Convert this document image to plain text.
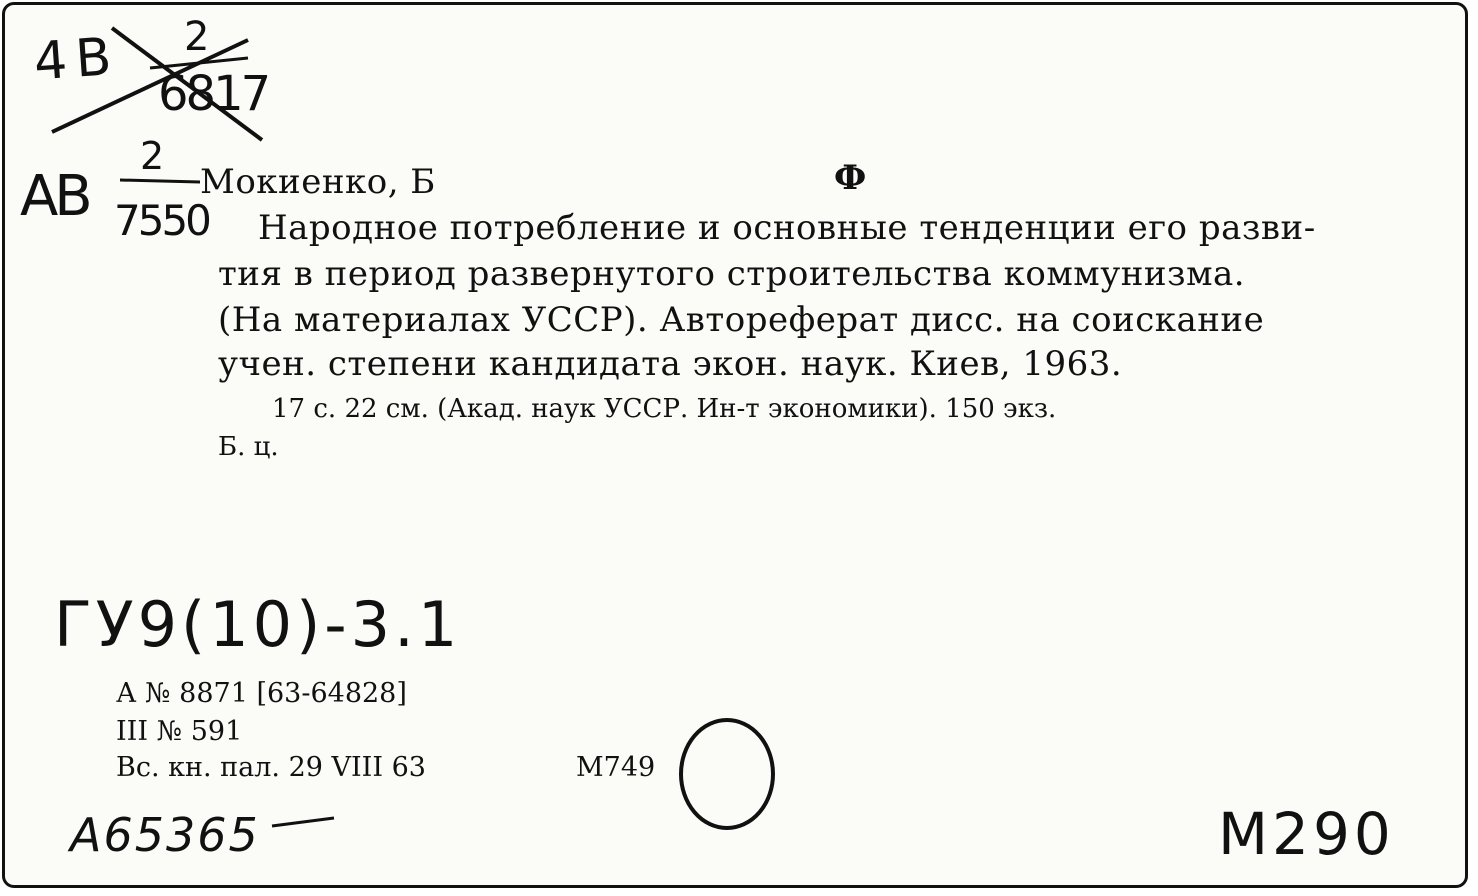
4 B 2
6817
2
AB 7550
Мокиенко, Б	Ф
Народное потребление и основные тенденции его разви-
тия в период развернутого строительства коммунизма.
(На материалах УССР). Автореферат дисс. на соискание
учен. степени кандидата экон. наук. Киев, 1963.
17 с. 22 см. (Акад. наук УССР. Ин-т экономики). 150 экз.
Б. ц.
ГУ9(10)-3.1
А № 8871 [63-64828]
III № 591
Вс. кн. пал. 29 VIII 63	М749
A65365	M290
